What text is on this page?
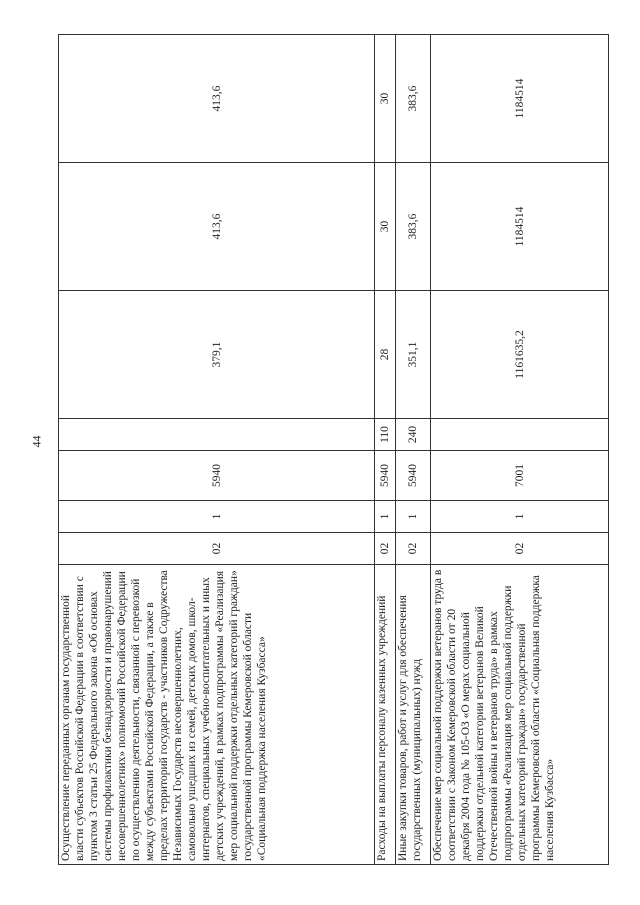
44
Осуществление переданных органам государственной власти субъектов Российской Федерации в соответствии с пунктом 3 статьи 25 Федерального закона «Об основах системы профилактики безнадзорности и правонарушений несовершеннолетних» полномочий Российской Федерации по осуществлению деятельности, связанной с перевозкой между субъектами Российской Федерации, а также в пределах территорий государств - участников Содружества Независимых Государств несовершеннолетних, самовольно ушедших из семей, детских домов, школ-интернатов, специальных учебно-воспитательных и иных детских учреждений, в рамках подпрограммы «Реализация мер социальной поддержки отдельных категорий граждан» государственной программы Кемеровской области «Социальная поддержка населения Кузбасса»	02	1	5940		379,1	413,6	413,6
Расходы на выплаты персоналу казенных учреждений	02	1	5940	110	28	30	30
Иные закупки товаров, работ и услуг для обеспечения государственных (муниципальных) нужд	02	1	5940	240	351,1	383,6	383,6
Обеспечение мер социальной поддержки ветеранов труда в соответствии с Законом Кемеровской области от 20 декабря 2004 года № 105-ОЗ «О мерах социальной поддержки отдельной категории ветеранов Великой Отечественной войны и ветеранов труда» в рамках подпрограммы «Реализация мер социальной поддержки отдельных категорий граждан» государственной программы Кемеровской области «Социальная поддержка населения Кузбасса»	02	1	7001		1161635,2	1184514	1184514
